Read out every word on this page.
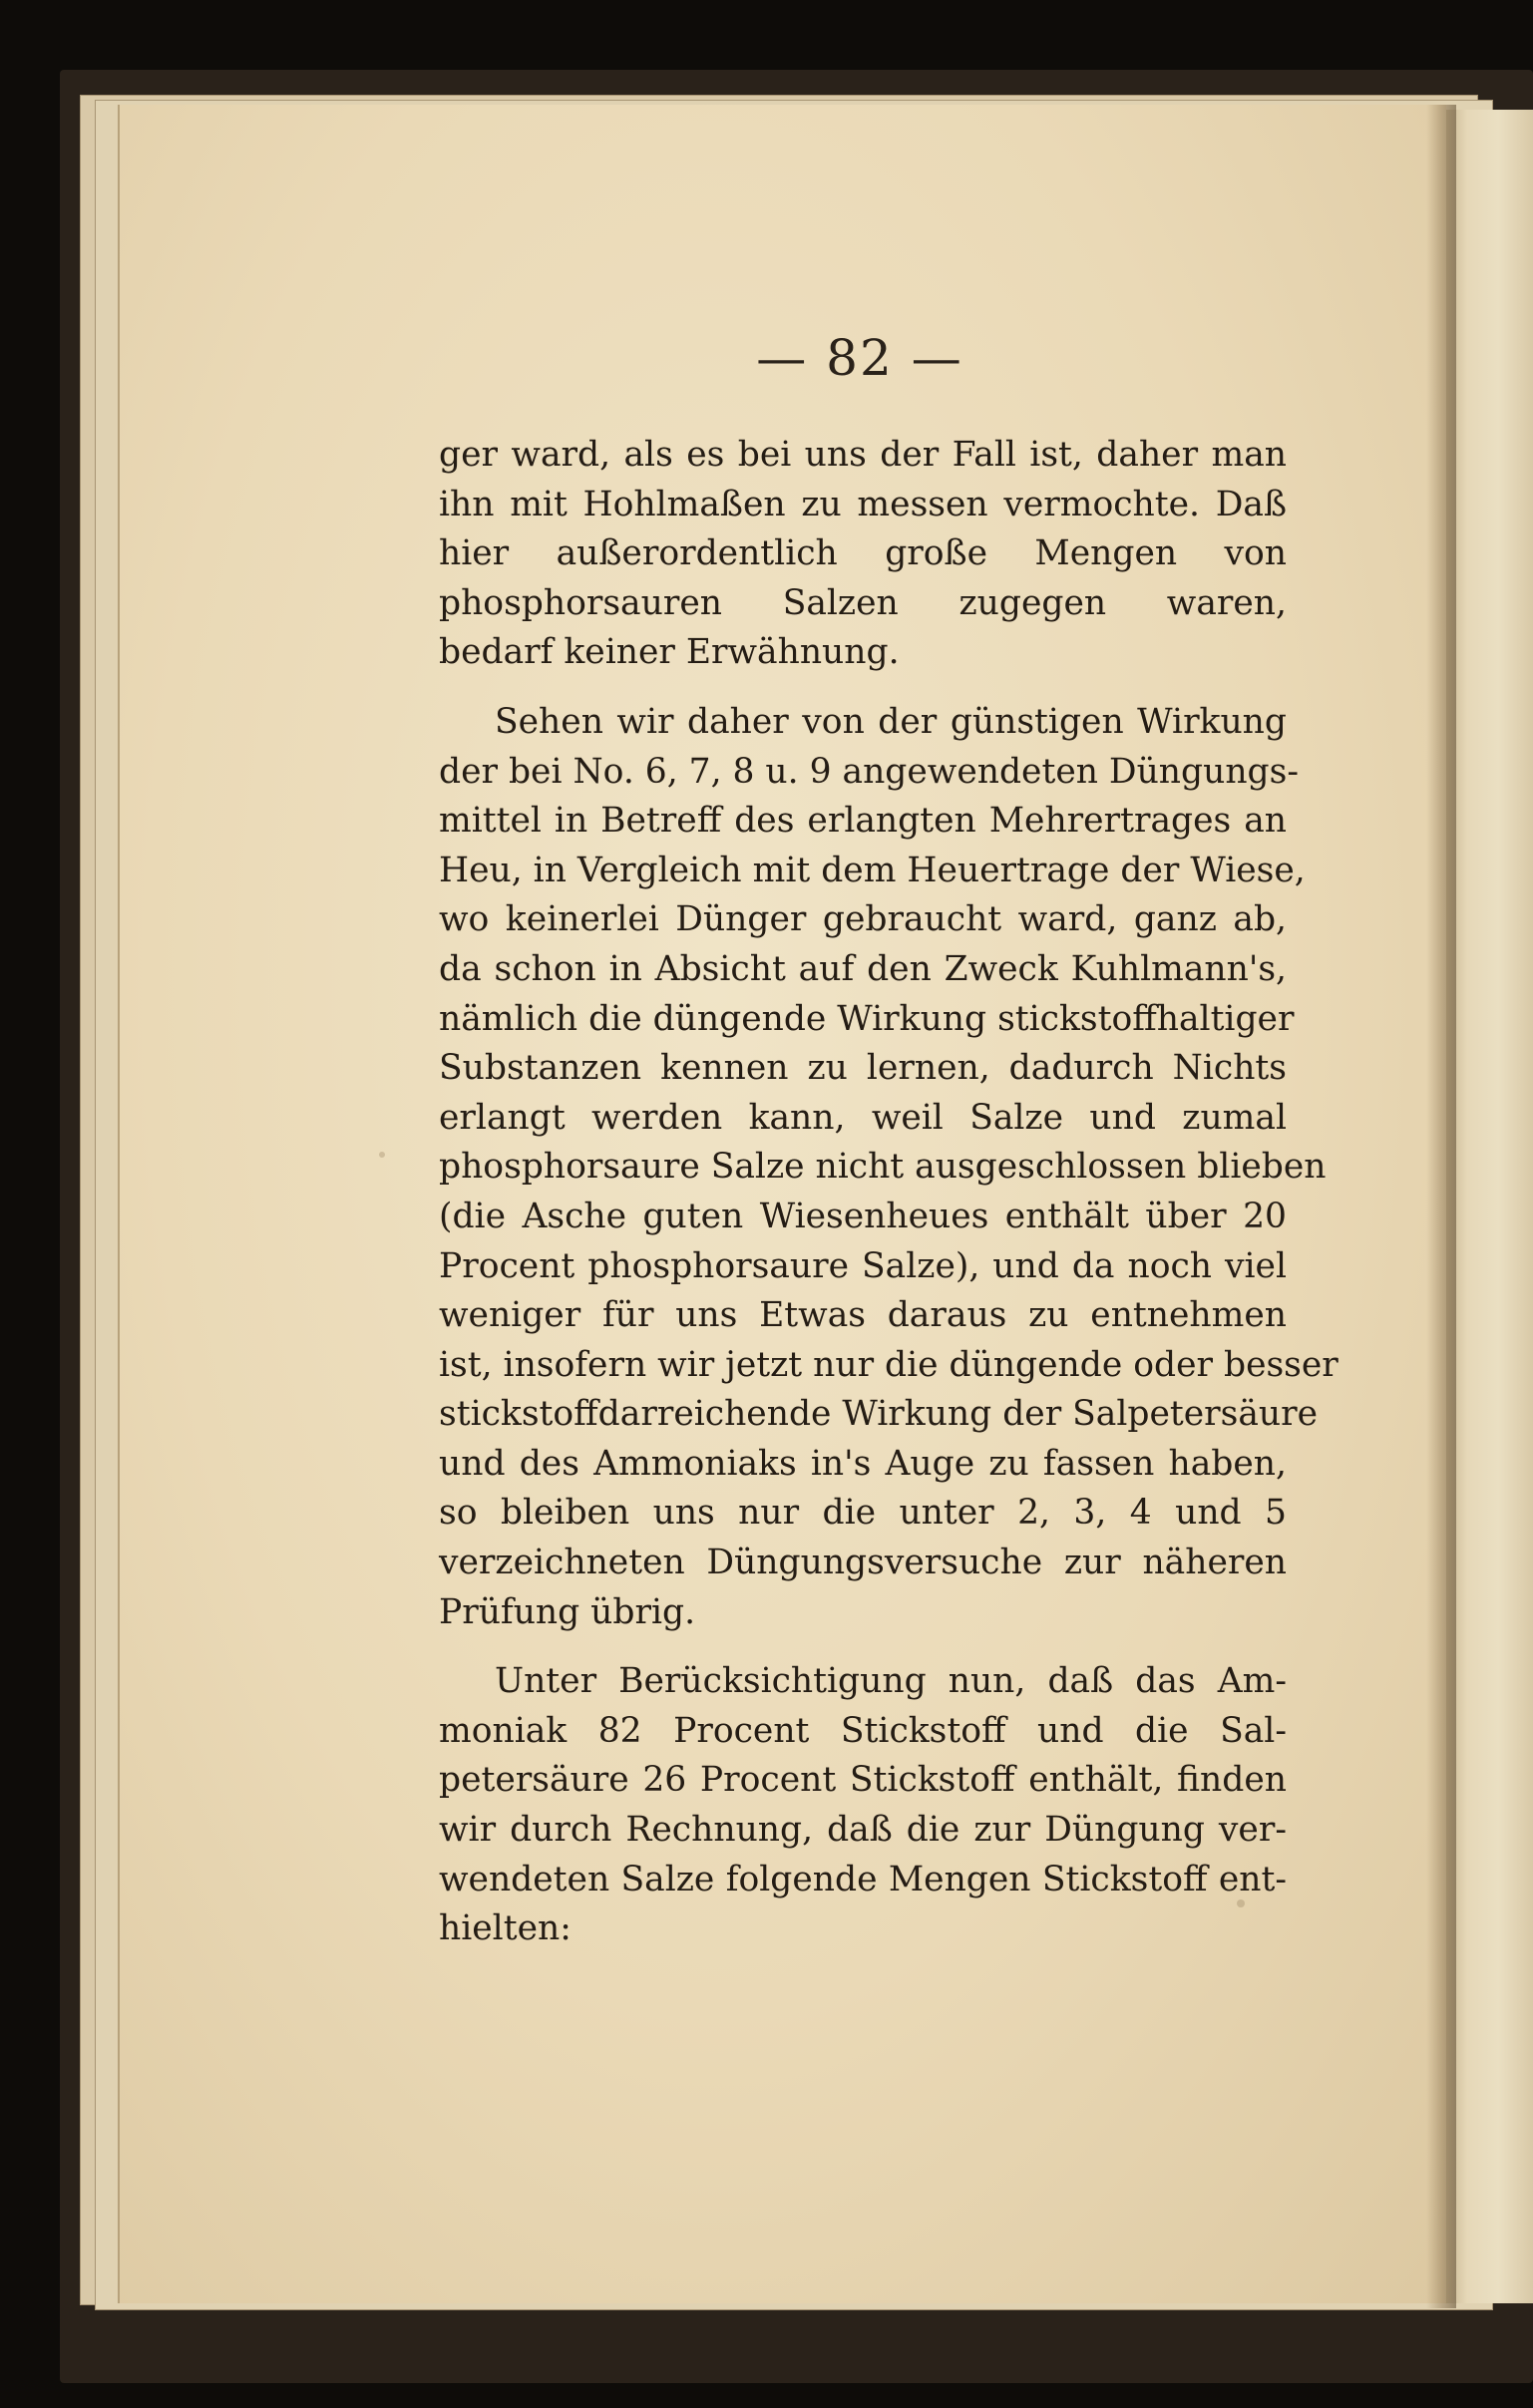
— 82 —
ger ward, als es bei uns der Fall ist, daher man
ihn mit Hohlmaßen zu messen vermochte. Daß
hier außerordentlich große Mengen von
phosphorsauren Salzen zugegen waren,
bedarf keiner Erwähnung.
Sehen wir daher von der günstigen Wirkung
der bei No. 6, 7, 8 u. 9 angewendeten Düngungs-
mittel in Betreff des erlangten Mehrertrages an
Heu, in Vergleich mit dem Heuertrage der Wiese,
wo keinerlei Dünger gebraucht ward, ganz ab,
da schon in Absicht auf den Zweck Kuhlmann's,
nämlich die düngende Wirkung stickstoffhaltiger
Substanzen kennen zu lernen, dadurch Nichts
erlangt werden kann, weil Salze und zumal
phosphorsaure Salze nicht ausgeschlossen blieben
(die Asche guten Wiesenheues enthält über 20
Procent phosphorsaure Salze), und da noch viel
weniger für uns Etwas daraus zu entnehmen
ist, insofern wir jetzt nur die düngende oder besser
stickstoffdarreichende Wirkung der Salpetersäure
und des Ammoniaks in's Auge zu fassen haben,
so bleiben uns nur die unter 2, 3, 4 und 5
verzeichneten Düngungsversuche zur näheren
Prüfung übrig.
Unter Berücksichtigung nun, daß das Am-
moniak 82 Procent Stickstoff und die Sal-
petersäure 26 Procent Stickstoff enthält, finden
wir durch Rechnung, daß die zur Düngung ver-
wendeten Salze folgende Mengen Stickstoff ent-
hielten:
